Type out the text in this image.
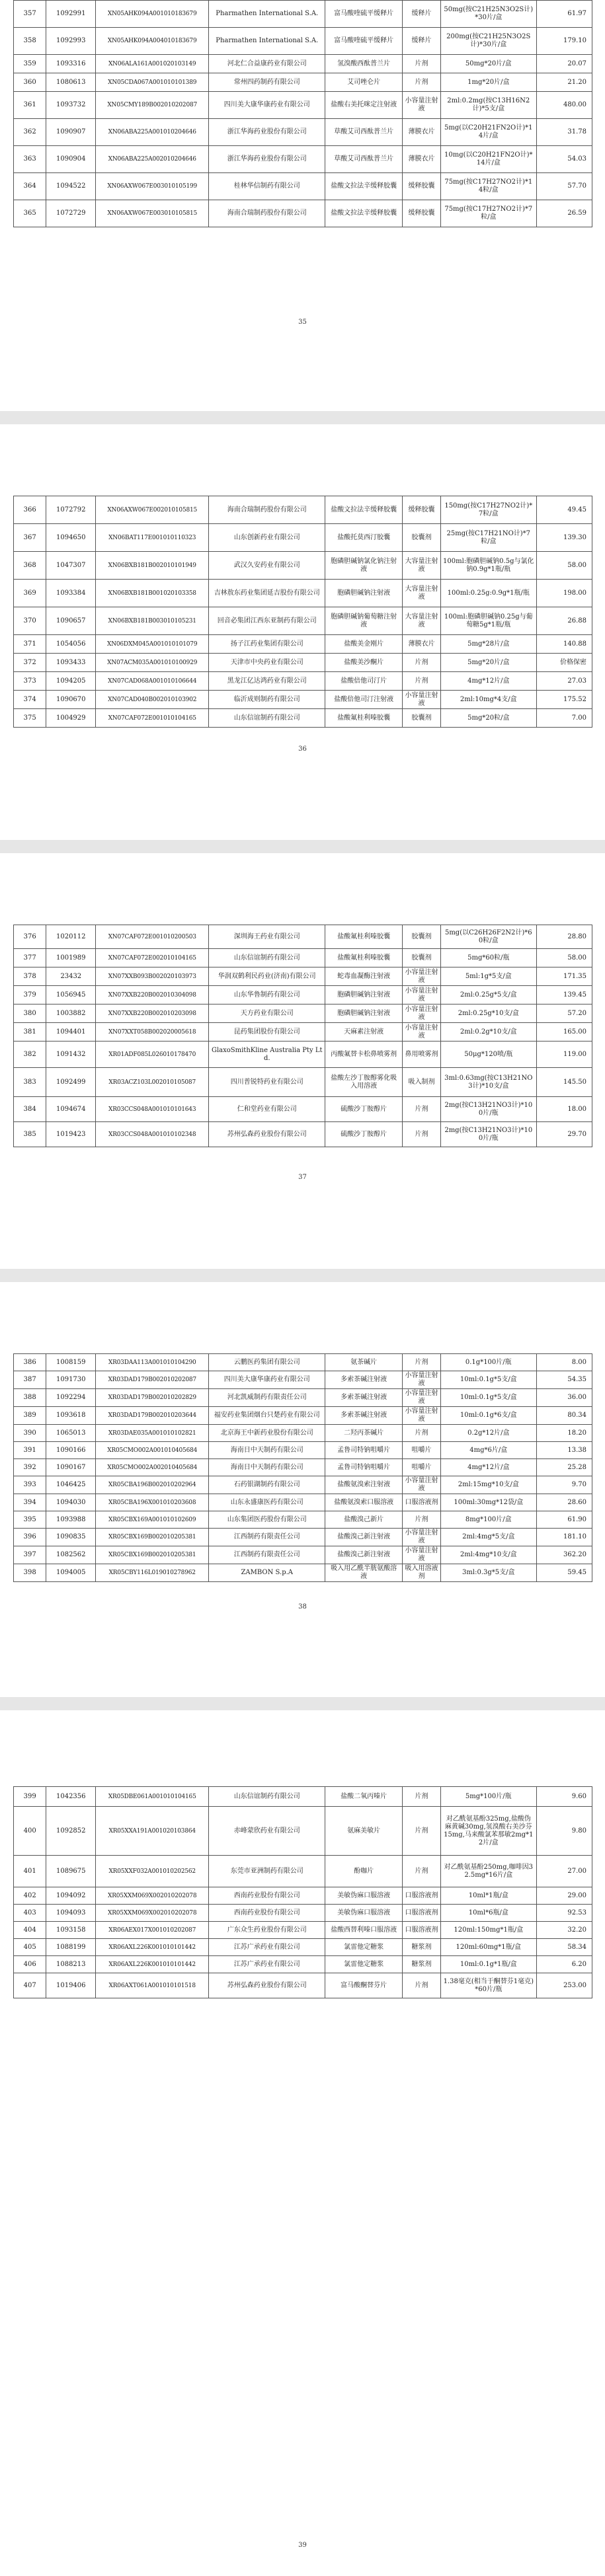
357	1092991	XN05AHK094A001010183679	Pharmathen International S.A.	富马酸喹硫平缓释片	缓释片	50mg(按C21H25N3O2S计)*30片/盒	61.97
358	1092993	XN05AHK094A004010183679	Pharmathen International S.A.	富马酸喹硫平缓释片	缓释片	200mg(按C21H25N3O2S计)*30片/盒	179.10
359	1093316	XN06ALA161A001020103149	河北仁合益康药业有限公司	氢溴酸西酞普兰片	片剂	50mg*20片/盒	20.07
360	1080613	XN05CDA067A001010101389	常州四药制药有限公司	艾司唑仑片	片剂	1mg*20片/盒	21.20
361	1093732	XN05CMY189B002010202087	四川美大康华康药业有限公司	盐酸右美托咪定注射液	小容量注射液	2ml:0.2mg(按C13H16N2计)*5支/盒	480.00
362	1090907	XN06ABA225A001010204646	浙江华海药业股份有限公司	草酸艾司西酞普兰片	薄膜衣片	5mg(以C20H21FN2O计)*14片/盒	31.78
363	1090904	XN06ABA225A002010204646	浙江华海药业股份有限公司	草酸艾司西酞普兰片	薄膜衣片	10mg(以C20H21FN2O计)*14片/盒	54.03
364	1094522	XN06AXW067E003010105199	桂林华信制药有限公司	盐酸文拉法辛缓释胶囊	缓释胶囊	75mg(按C17H27NO2计)*14粒/盒	57.70
365	1072729	XN06AXW067E003010105815	海南合瑞制药股份有限公司	盐酸文拉法辛缓释胶囊	缓释胶囊	75mg(按C17H27NO2计)*7粒/盒	26.59
35
366	1072792	XN06AXW067E002010105815	海南合瑞制药股份有限公司	盐酸文拉法辛缓释胶囊	缓释胶囊	150mg(按C17H27NO2计)*7粒/盒	49.45
367	1094650	XN06BAT117E001010110323	山东创新药业有限公司	盐酸托莫西汀胶囊	胶囊剂	25mg(按C17H21NO计)*7粒/盒	139.30
368	1047307	XN06BXB181B002010101949	武汉久安药业有限公司	胞磷胆碱钠氯化钠注射液	大容量注射液	100ml:胞磷胆碱钠0.5g与氯化钠0.9g*1瓶/瓶	58.00
369	1093384	XN06BXB181B001020103358	吉林敖东药业集团延吉股份有限公司	胞磷胆碱钠注射液	大容量注射液	100ml:0.25g:0.9g*1瓶/瓶	198.00
370	1090657	XN06BXB181B003010105231	回音必集团江西东亚制药有限公司	胞磷胆碱钠葡萄糖注射液	大容量注射液	100ml:胞磷胆碱钠0.25g与葡萄糖5g*1瓶/瓶	26.88
371	1054056	XN06DXM045A001010101079	扬子江药业集团有限公司	盐酸美金刚片	薄膜衣片	5mg*28片/盒	140.88
372	1093433	XN07ACM035A001010100929	天津市中央药业有限公司	盐酸美沙酮片	片剂	5mg*20片/盒	价格保密
373	1094205	XN07CAD068A001010106644	黑龙江亿达鸿药业有限公司	盐酸倍他司汀片	片剂	4mg*12片/盒	27.03
374	1090670	XN07CAD040B002010103902	临沂成则制药有限公司	盐酸倍他司汀注射液	小容量注射液	2ml:10mg*4支/盒	175.52
375	1004929	XN07CAF072E001010104165	山东信谊制药有限公司	盐酸氟桂利嗪胶囊	胶囊剂	5mg*20粒/盒	7.00
36
376	1020112	XN07CAF072E001010200503	深圳海王药业有限公司	盐酸氟桂利嗪胶囊	胶囊剂	5mg(以C26H26F2N2计)*60粒/盒	28.80
377	1001989	XN07CAF072E002010104165	山东信谊制药有限公司	盐酸氟桂利嗪胶囊	胶囊剂	5mg*60粒/瓶	58.00
378	23432	XN07XXB093B002020103973	华润双鹤利民药业(济南)有限公司	蛇毒血凝酶注射液	小容量注射液	5ml:1g*5支/盒	171.35
379	1056945	XN07XXB220B002010304098	山东华鲁制药有限公司	胞磷胆碱钠注射液	小容量注射液	2ml:0.25g*5支/盒	139.45
380	1003882	XN07XXB220B002010203098	天方药业有限公司	胞磷胆碱钠注射液	小容量注射液	2ml:0.25g*10支/盒	57.20
381	1094401	XN07XXT058B002020005618	昆药集团股份有限公司	天麻素注射液	小容量注射液	2ml:0.2g*10支/盒	165.00
382	1091432	XR01ADF085L026010178470	GlaxoSmithKline Australia Pty Ltd.	丙酸氟替卡松鼻喷雾剂	鼻用喷雾剂	50μg*120喷/瓶	119.00
383	1092499	XR03ACZ103L002010105087	四川普锐特药业有限公司	盐酸左沙丁胺醇雾化吸入用溶液	吸入制剂	3ml:0.63mg(按C13H21NO3计)*10支/盒	145.50
384	1094674	XR03CCS048A001010101643	仁和堂药业有限公司	硫酸沙丁胺醇片	片剂	2mg(按C13H21NO3计)*100片/瓶	18.00
385	1019423	XR03CCS048A001010102348	苏州弘森药业股份有限公司	硫酸沙丁胺醇片	片剂	2mg(按C13H21NO3计)*100片/瓶	29.70
37
386	1008159	XR03DAA113A001010104290	云鹏医药集团有限公司	氨茶碱片	片剂	0.1g*100片/瓶	8.00
387	1091730	XR03DAD179B002010202087	四川美大康华康药业有限公司	多索茶碱注射液	小容量注射液	10ml:0.1g*5支/盒	54.35
388	1092294	XR03DAD179B002010202829	河北凯威制药有限责任公司	多索茶碱注射液	小容量注射液	10ml:0.1g*5支/盒	36.00
389	1093618	XR03DAD179B002010203644	福安药业集团烟台只楚药业有限公司	多索茶碱注射液	小容量注射液	10ml:0.1g*6支/盒	80.34
390	1065013	XR03DAE035A001010102821	北京海王中新药业股份有限公司	二羟丙茶碱片	片剂	0.2g*12片/盒	18.20
391	1090166	XR05CMO002A001010405684	海南日中天制药有限公司	孟鲁司特钠咀嚼片	咀嚼片	4mg*6片/盒	13.38
392	1090167	XR05CMO002A002010405684	海南日中天制药有限公司	孟鲁司特钠咀嚼片	咀嚼片	4mg*12片/盒	25.28
393	1046425	XR05CBA196B002010202964	石药银湖制药有限公司	盐酸氨溴索注射液	小容量注射液	2ml:15mg*10支/盒	9.70
394	1094030	XR05CBA196X001010203608	山东永盛康医药有限公司	盐酸氨溴索口服溶液	口服溶液剂	100ml:30mg*12袋/盒	28.60
395	1093988	XR05CBX169A001010102609	山东集团医药股份有限公司	盐酸溴己新片	片剂	8mg*100片/盒	61.90
396	1090835	XR05CBX169B002010205381	江西制药有限责任公司	盐酸溴己新注射液	小容量注射液	2ml:4mg*5支/盒	181.10
397	1082562	XR05CBX169B002010205381	江西制药有限责任公司	盐酸溴己新注射液	小容量注射液	2ml:4mg*10支/盒	362.20
398	1094005	XR05CBY116L019010278962	ZAMBON S.p.A	吸入用乙酰半胱氨酸溶液	吸入用溶液剂	3ml:0.3g*5支/盒	59.45
38
399	1042356	XR05DBE061A001010104165	山东信谊制药有限公司	盐酸二氧丙嗪片	片剂	5mg*100片/瓶	9.60
400	1092852	XR05XXA191A001020103864	赤峰蒙欣药业有限公司	氨麻美敏片	片剂	对乙酰氨基酚325mg,盐酸伪麻黄碱30mg,氢溴酸右美沙芬15mg,马来酸氯苯那敏2mg*12片/盒	9.80
401	1089675	XR05XXF032A001010202562	东莞市亚洲制药有限公司	酚咖片	片剂	对乙酰氨基酚250mg,咖啡因32.5mg*16片/盒	27.00
402	1094092	XR05XXM069X002010202078	西南药业股份有限公司	美敏伪麻口服溶液	口服溶液剂	10ml*1瓶/盒	29.00
403	1094093	XR05XXM069X002010202078	西南药业股份有限公司	美敏伪麻口服溶液	口服溶液剂	10ml*6瓶/盒	92.53
404	1093158	XR06AEX017X001010202087	广东众生药业股份有限公司	盐酸西替利嗪口服溶液	口服溶液剂	120ml:150mg*1瓶/盒	32.20
405	1088199	XR06AXL226K001010101442	江苏广承药业有限公司	氯雷他定糖浆	糖浆剂	120ml:60mg*1瓶/盒	58.34
406	1088213	XR06AXL226K001010101442	江苏广承药业有限公司	氯雷他定糖浆	糖浆剂	10ml:0.1g*1瓶/盒	6.20
407	1019406	XR06AXT061A001010101518	苏州弘森药业股份有限公司	富马酸酮替芬片	片剂	1.38毫克(相当于酮替芬1毫克)*60片/瓶	253.00
39
